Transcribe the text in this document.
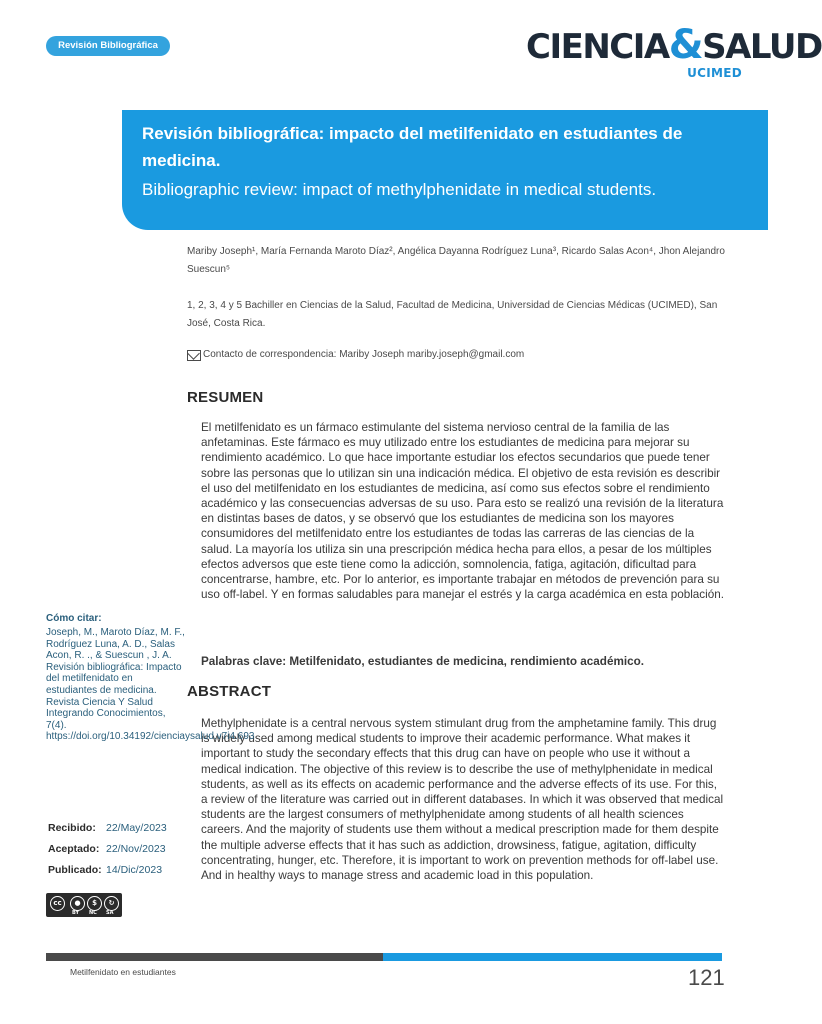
Revisión Bibliográfica	CIENCIA&SALUD
UCIMED
Revisión bibliográfica: impacto del metilfenidato en estudiantes de medicina.
Bibliographic review: impact of methylphenidate in medical students.
Mariby Joseph¹, María Fernanda Maroto Díaz², Angélica Dayanna Rodríguez Luna³, Ricardo Salas Acon⁴, Jhon Alejandro Suescun⁵
1, 2, 3, 4 y 5 Bachiller en Ciencias de la Salud, Facultad de Medicina, Universidad de Ciencias Médicas (UCIMED), San José, Costa Rica.
Contacto de correspondencia: Mariby Joseph mariby.joseph@gmail.com
RESUMEN
El metilfenidato es un fármaco estimulante del sistema nervioso central de la familia de las anfetaminas. Este fármaco es muy utilizado entre los estudiantes de medicina para mejorar su rendimiento académico. Lo que hace importante estudiar los efectos secundarios que puede tener sobre las personas que lo utilizan sin una indicación médica. El objetivo de esta revisión es describir el uso del metilfenidato en los estudiantes de medicina, así como sus efectos sobre el rendimiento académico y las consecuencias adversas de su uso. Para esto se realizó una revisión de la literatura en distintas bases de datos, y se observó que los estudiantes de medicina son los mayores consumidores del metilfenidato entre los estudiantes de todas las carreras de las ciencias de la salud. La mayoría los utiliza sin una prescripción médica hecha para ellos, a pesar de los múltiples efectos adversos que este tiene como la adicción, somnolencia, fatiga, agitación, dificultad para concentrarse, hambre, etc. Por lo anterior, es importante trabajar en métodos de prevención para su uso off-label. Y en formas saludables para manejar el estrés y la carga académica en esta población.
Palabras clave: Metilfenidato, estudiantes de medicina, rendimiento académico.
ABSTRACT
Methylphenidate is a central nervous system stimulant drug from the amphetamine family. This drug is widely used among medical students to improve their academic performance. What makes it important to study the secondary effects that this drug can have on people who use it without a medical indication. The objective of this review is to describe the use of methylphenidate in medical students, as well as its effects on academic performance and the adverse effects of its use. For this, a review of the literature was carried out in different databases. In which it was observed that medical students are the largest consumers of methylphenidate among students of all health sciences careers. And the majority of students use them without a medical prescription made for them despite the multiple adverse effects that it has such as addiction, drowsiness, fatigue, agitation, difficulty concentrating, hunger, etc. Therefore, it is important to work on prevention methods for off-label use. And in healthy ways to manage stress and academic load in this population.
Cómo citar:
Joseph, M., Maroto Díaz, M. F., Rodríguez Luna, A. D., Salas Acon, R. ., & Suescun , J. A. Revisión bibliográfica: Impacto del metilfenidato en estudiantes de medicina. Revista Ciencia Y Salud Integrando Conocimientos, 7(4). https://doi.org/10.34192/cienciaysalud.v7i4.693
Recibido: 22/May/2023
Aceptado: 22/Nov/2023
Publicado: 14/Dic/2023
cc	●	$	↻
BY NC SA
Metilfenidato en estudiantes	121
